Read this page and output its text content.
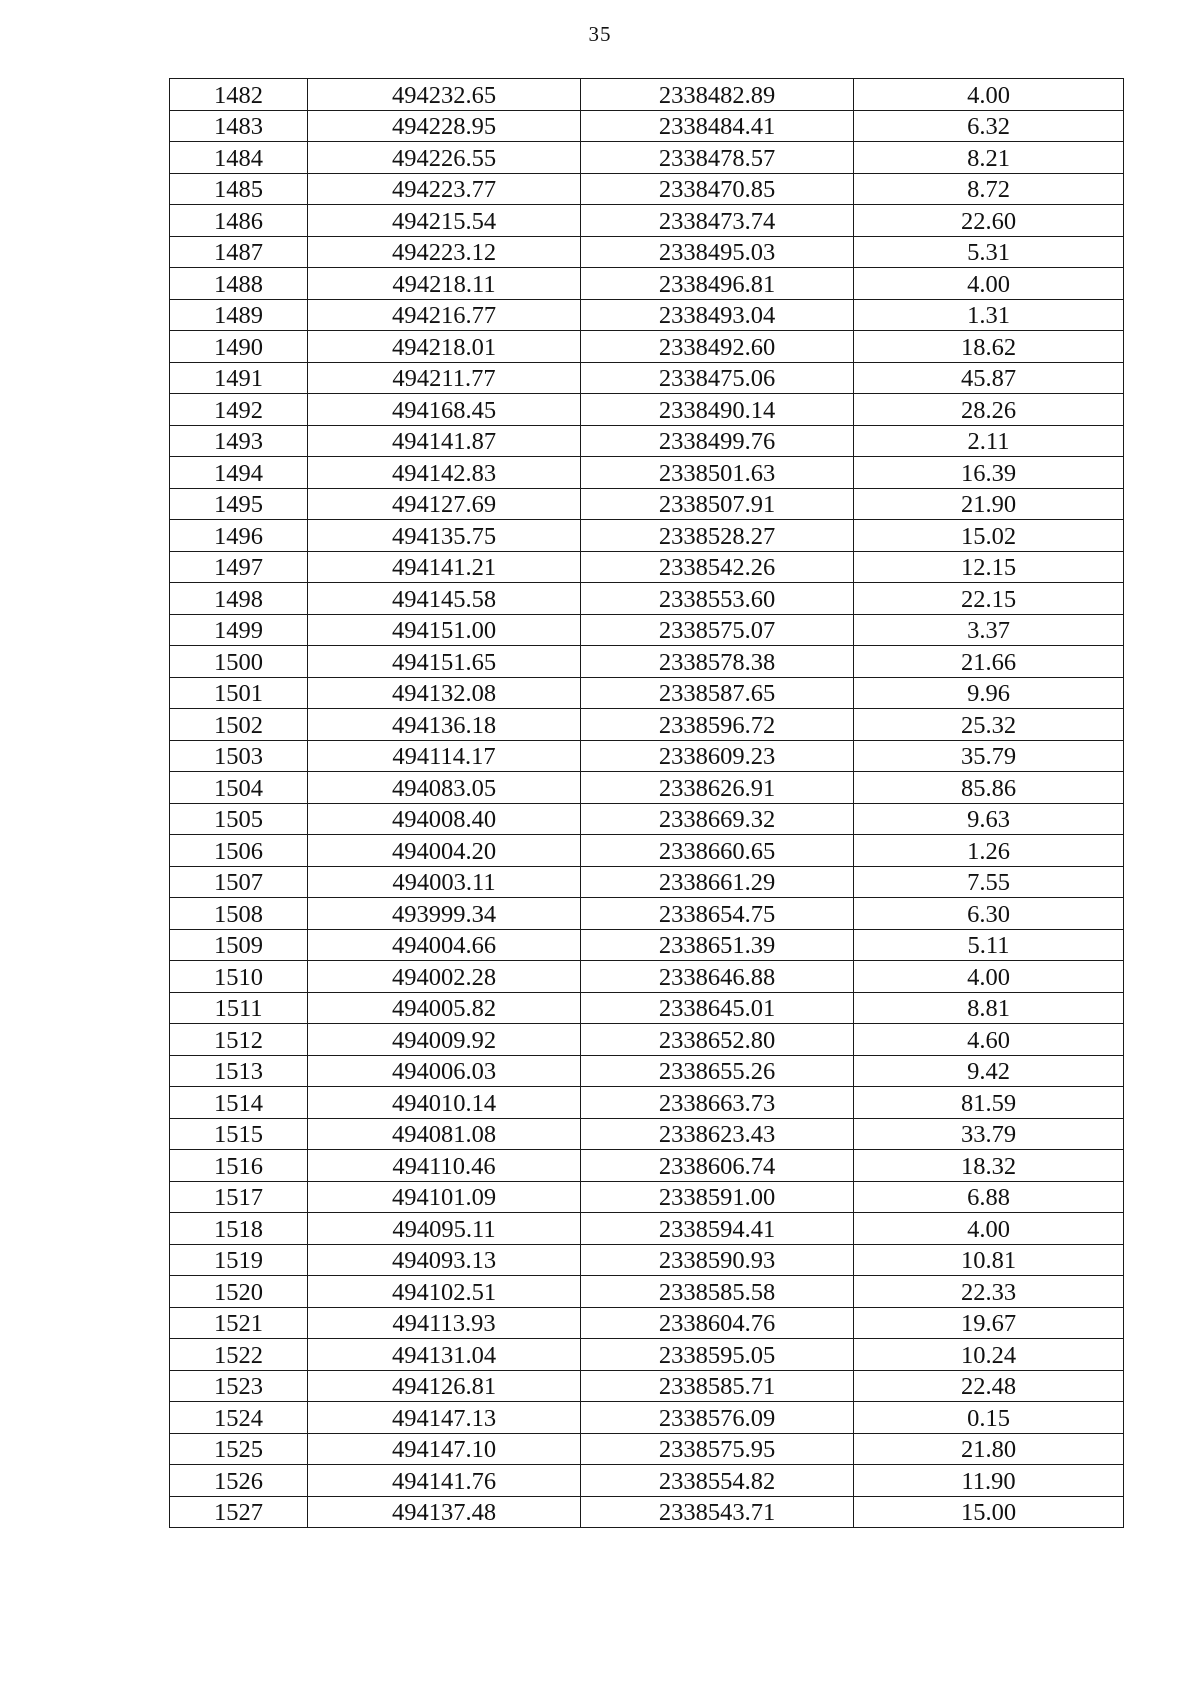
35
1482	494232.65	2338482.89	4.00
1483	494228.95	2338484.41	6.32
1484	494226.55	2338478.57	8.21
1485	494223.77	2338470.85	8.72
1486	494215.54	2338473.74	22.60
1487	494223.12	2338495.03	5.31
1488	494218.11	2338496.81	4.00
1489	494216.77	2338493.04	1.31
1490	494218.01	2338492.60	18.62
1491	494211.77	2338475.06	45.87
1492	494168.45	2338490.14	28.26
1493	494141.87	2338499.76	2.11
1494	494142.83	2338501.63	16.39
1495	494127.69	2338507.91	21.90
1496	494135.75	2338528.27	15.02
1497	494141.21	2338542.26	12.15
1498	494145.58	2338553.60	22.15
1499	494151.00	2338575.07	3.37
1500	494151.65	2338578.38	21.66
1501	494132.08	2338587.65	9.96
1502	494136.18	2338596.72	25.32
1503	494114.17	2338609.23	35.79
1504	494083.05	2338626.91	85.86
1505	494008.40	2338669.32	9.63
1506	494004.20	2338660.65	1.26
1507	494003.11	2338661.29	7.55
1508	493999.34	2338654.75	6.30
1509	494004.66	2338651.39	5.11
1510	494002.28	2338646.88	4.00
1511	494005.82	2338645.01	8.81
1512	494009.92	2338652.80	4.60
1513	494006.03	2338655.26	9.42
1514	494010.14	2338663.73	81.59
1515	494081.08	2338623.43	33.79
1516	494110.46	2338606.74	18.32
1517	494101.09	2338591.00	6.88
1518	494095.11	2338594.41	4.00
1519	494093.13	2338590.93	10.81
1520	494102.51	2338585.58	22.33
1521	494113.93	2338604.76	19.67
1522	494131.04	2338595.05	10.24
1523	494126.81	2338585.71	22.48
1524	494147.13	2338576.09	0.15
1525	494147.10	2338575.95	21.80
1526	494141.76	2338554.82	11.90
1527	494137.48	2338543.71	15.00
